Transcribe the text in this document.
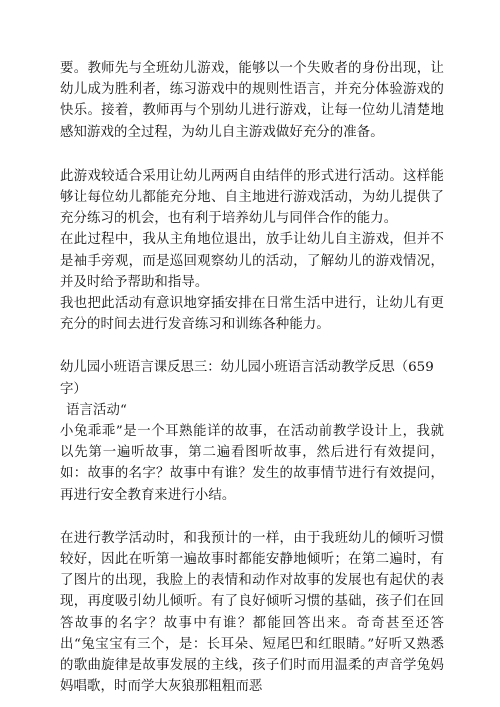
要。教师先与全班幼儿游戏，能够以一个失败者的身份出现，让幼儿成为胜利者，练习游戏中的规则性语言，并充分体验游戏的快乐。接着，教师再与个别幼儿进行游戏，让每一位幼儿清楚地感知游戏的全过程，为幼儿自主游戏做好充分的准备。

此游戏较适合采用让幼儿两两自由结伴的形式进行活动。这样能够让每位幼儿都能充分地、自主地进行游戏活动，为幼儿提供了充分练习的机会，也有利于培养幼儿与同伴合作的能力。

在此过程中，我从主角地位退出，放手让幼儿自主游戏，但并不是袖手旁观，而是巡回观察幼儿的活动，了解幼儿的游戏情况，并及时给予帮助和指导。

我也把此活动有意识地穿插安排在日常生活中进行，让幼儿有更充分的时间去进行发音练习和训练各种能力。

幼儿园小班语言课反思三：幼儿园小班语言活动教学反思（659字）

语言活动“

小兔乖乖”是一个耳熟能详的故事，在活动前教学设计上，我就以先第一遍听故事，第二遍看图听故事，然后进行有效提问，如：故事的名字？故事中有谁？发生的故事情节进行有效提问，再进行安全教育来进行小结。

在进行教学活动时，和我预计的一样，由于我班幼儿的倾听习惯较好，因此在听第一遍故事时都能安静地倾听；在第二遍时，有了图片的出现，我脸上的表情和动作对故事的发展也有起伏的表现，再度吸引幼儿倾听。有了良好倾听习惯的基础，孩子们在回答故事的名字？故事中有谁？都能回答出来。奇奇甚至还答出“兔宝宝有三个，是：长耳朵、短尾巴和红眼睛。”好听又熟悉的歌曲旋律是故事发展的主线，孩子们时而用温柔的声音学兔妈妈唱歌，时而学大灰狼那粗粗而恶
